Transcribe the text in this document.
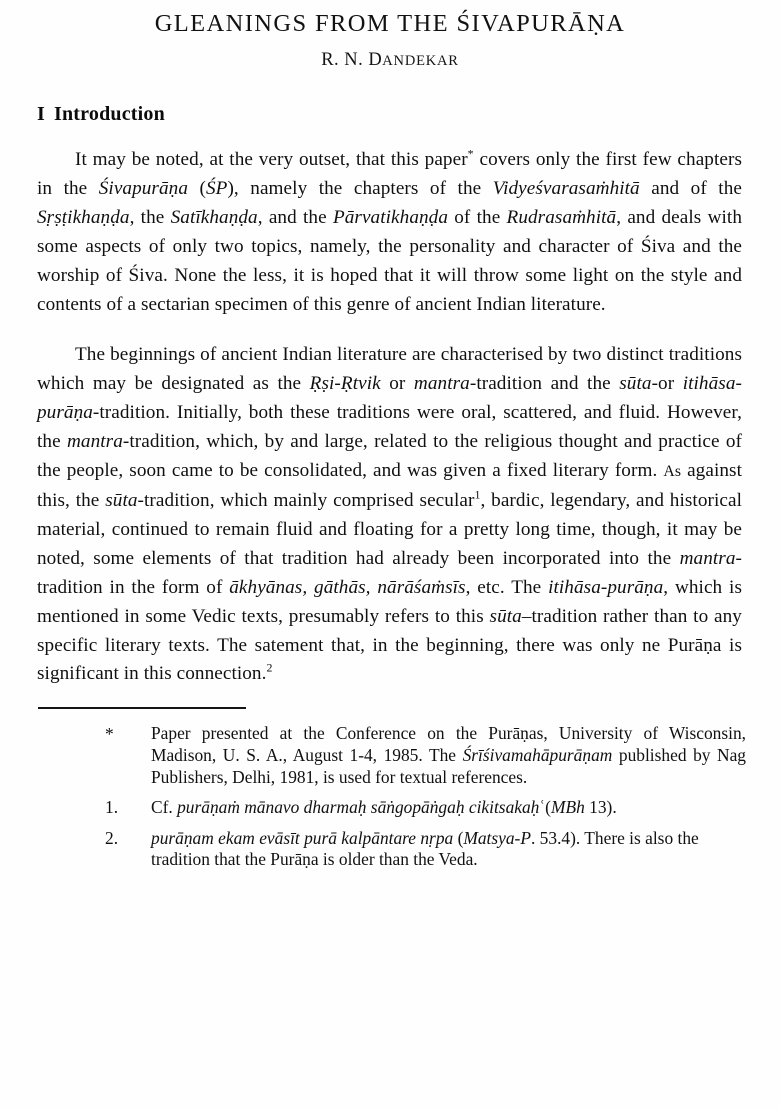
GLEANINGS FROM THE ŚIVAPURĀṆA
R. N. DANDEKAR
I Introduction

It may be noted, at the very outset, that this paper* covers only the first few chapters in the Śivapurāṇa (ŚP), namely the chapters of the Vidyeśvarasaṁhitā and of the Sṛṣṭikhaṇḍa, the Satīkhaṇḍa, and the Pārvatikhaṇḍa of the Rudrasaṁhitā, and deals with some aspects of only two topics, namely, the personality and character of Śiva and the worship of Śiva. None the less, it is hoped that it will throw some light on the style and contents of a sectarian specimen of this genre of ancient Indian literature.

The beginnings of ancient Indian literature are characterised by two distinct traditions which may be designated as the Ṛṣi-Ṛtvik or mantra-tradition and the sūta-or itihāsa-purāṇa-tradition. Initially, both these traditions were oral, scattered, and fluid. However, the mantra-tradition, which, by and large, related to the religious thought and practice of the people, soon came to be consolidated, and was given a fixed literary form. As against this, the sūta-tradition, which mainly comprised secular$^1$, bardic, legendary, and historical material, continued to remain fluid and floating for a pretty long time, though, it may be noted, some elements of that tradition had already been incorporated into the mantra-tradition in the form of ākhyānas, gāthās, nārāśaṁsīs, etc. The itihāsa-purāṇa, which is mentioned in some Vedic texts, presumably refers to this sūta–tradition rather than to any specific literary texts. The satement that, in the beginning, there was only ne Purāṇa is significant in this connection.$^2$

*	Paper presented at the Conference on the Purāṇas, University of Wisconsin, Madison, U. S. A., August 1-4, 1985. The Śrīśivamahāpurāṇam published by Nag Publishers, Delhi, 1981, is used for textual references.
1.	Cf. purāṇaṁ mānavo dharmaḥ sāṅgopāṅgaḥ cikitsakaḥʿ(MBh 13).
2.	purāṇam ekam evāsīt purā kalpāntare nṛpa (Matsya-P. 53.4). There is also the tradition that the Purāṇa is older than the Veda.
